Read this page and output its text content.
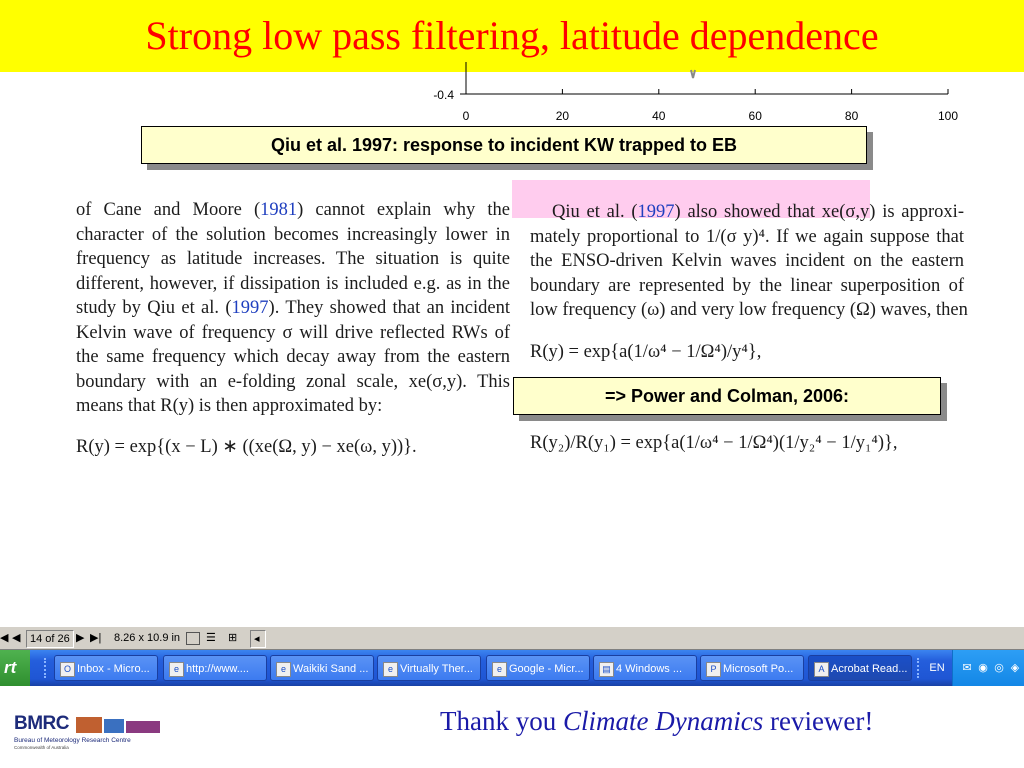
-0.4
0	20	40	60	80	100
Strong low pass filtering, latitude dependence
Qiu et al. 1997: response to incident KW trapped to EB
of Cane and Moore (1981) cannot explain why the
character of the solution becomes increasingly lower in
frequency as latitude increases. The situation is quite
different, however, if dissipation is included e.g. as in the
study by Qiu et al. (1997). They showed that an incident
Kelvin wave of frequency σ will drive reflected RWs of
the same frequency which decay away from the eastern
boundary with an e-folding zonal scale, xe(σ,y). This
means that R(y) is then approximated by:
Qiu et al. (1997) also showed that xe(σ,y) is approxi-
mately proportional to 1/(σ y)⁴. If we again suppose that
the ENSO-driven Kelvin waves incident on the eastern
boundary are represented by the linear superposition of
low frequency (ω) and very low frequency (Ω) waves, then
R(y) = exp{(x − L) ∗ ((xe(Ω, y) − xe(ω, y))}.
R(y) = exp{a(1/ω⁴ − 1/Ω⁴)/y⁴},
R(y₂)/R(y₁) = exp{a(1/ω⁴ − 1/Ω⁴)(1/y₂⁴ − 1/y₁⁴)},
=> Power and Colman, 2006:
◀ ◀ 14 of 26 ▶ ▶| 8.26 x 10.9 in ☰ ⊞	◂
rt	O Inbox - Micro...	e http://www....	e Waikiki Sand ...	e Virtually Ther...	e Google - Micr...	▤ 4 Windows ...	P Microsoft Po...	A Acrobat Read...	EN	✉ ◉ ◎ ◈
BMRC
Bureau of Meteorology Research Centre
Commonwealth of Australia
Thank you Climate Dynamics reviewer!
